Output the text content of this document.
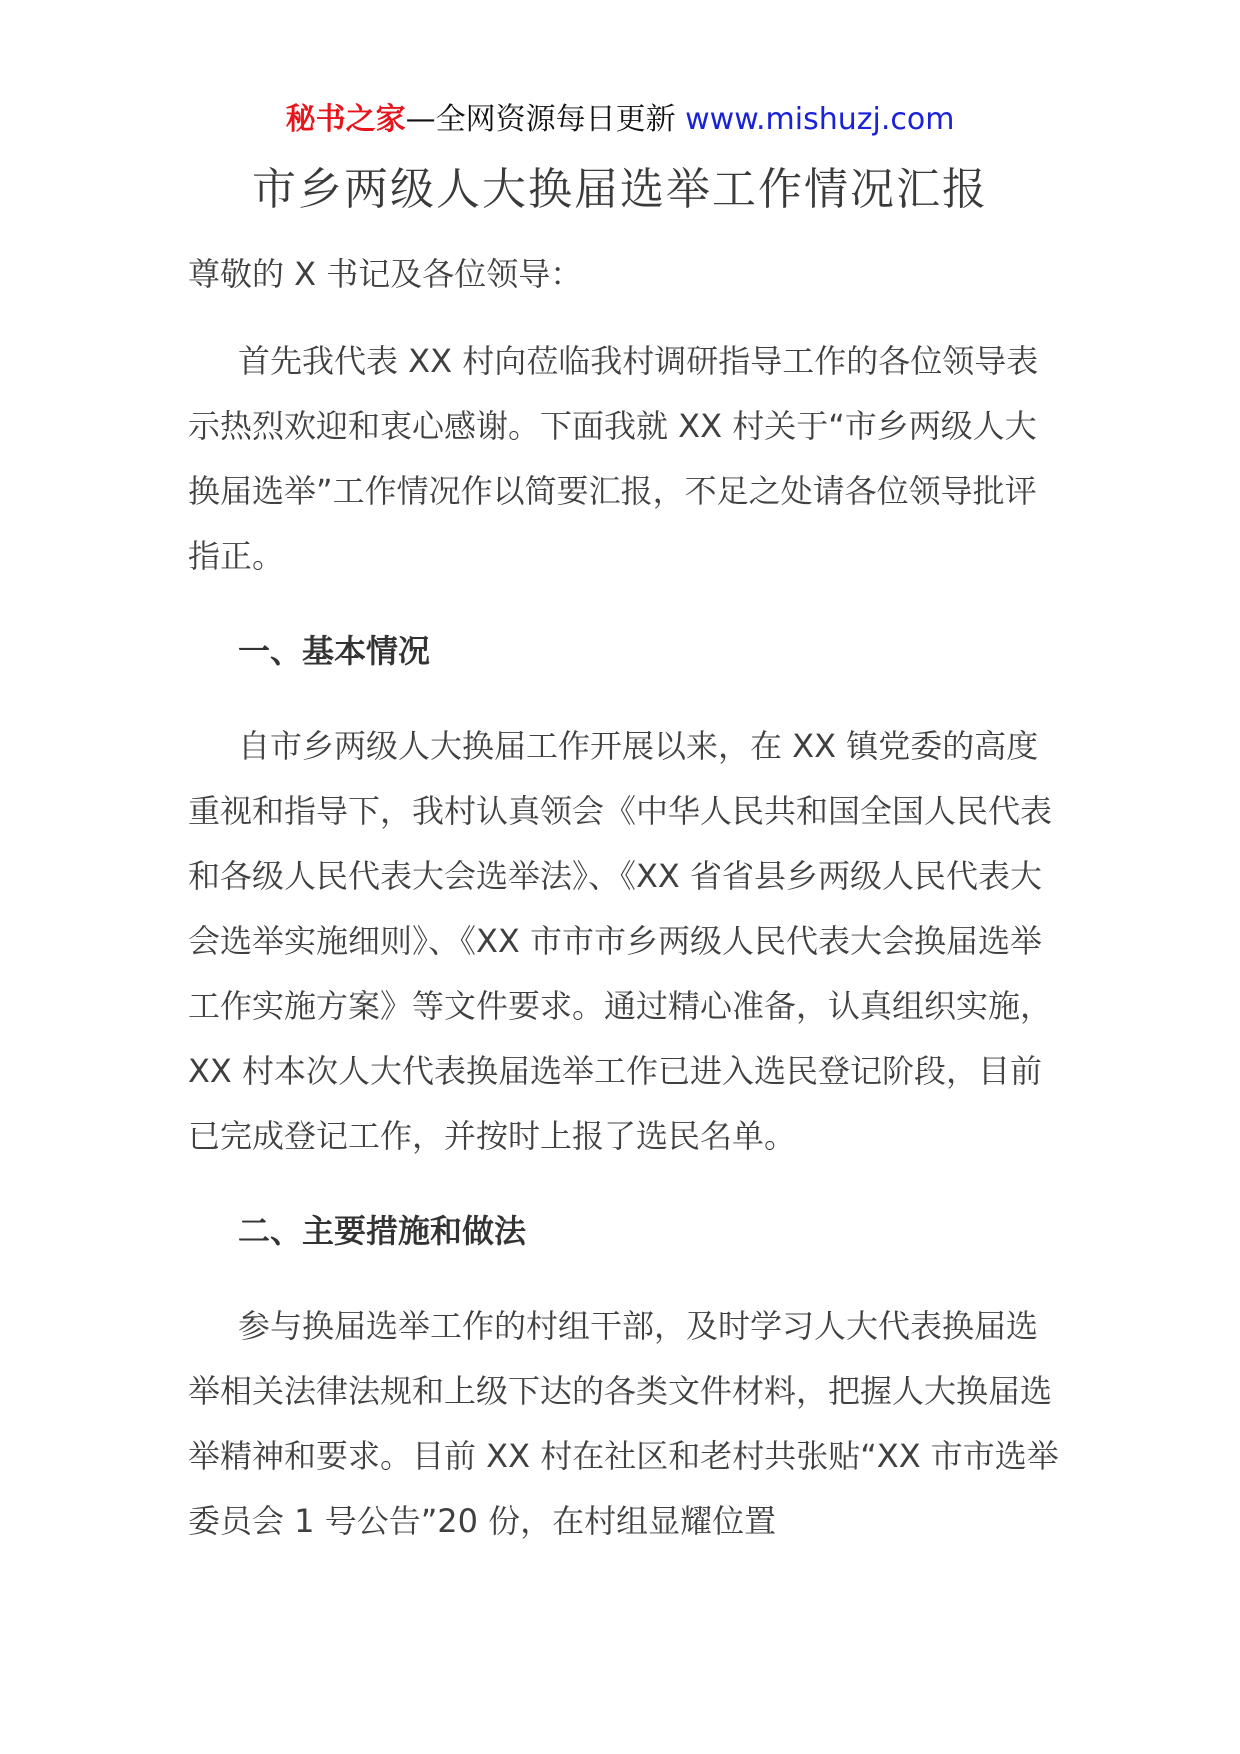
秘书之家—全网资源每日更新 www.mishuzj.com
市乡两级人大换届选举工作情况汇报

尊敬的 X 书记及各位领导：

首先我代表 XX 村向莅临我村调研指导工作的各位领导表示热烈欢迎和衷心感谢。下面我就 XX 村关于“市乡两级人大换届选举”工作情况作以简要汇报，不足之处请各位领导批评指正。

一、基本情况

自市乡两级人大换届工作开展以来，在 XX 镇党委的高度重视和指导下，我村认真领会《中华人民共和国全国人民代表和各级人民代表大会选举法》、《XX 省省县乡两级人民代表大会选举实施细则》、《XX 市市市乡两级人民代表大会换届选举工作实施方案》等文件要求。通过精心准备，认真组织实施，XX 村本次人大代表换届选举工作已进入选民登记阶段，目前已完成登记工作，并按时上报了选民名单。

二、主要措施和做法

参与换届选举工作的村组干部，及时学习人大代表换届选举相关法律法规和上级下达的各类文件材料，把握人大换届选举精神和要求。目前 XX 村在社区和老村共张贴“XX 市市选举委员会 1 号公告”20 份，在村组显耀位置
